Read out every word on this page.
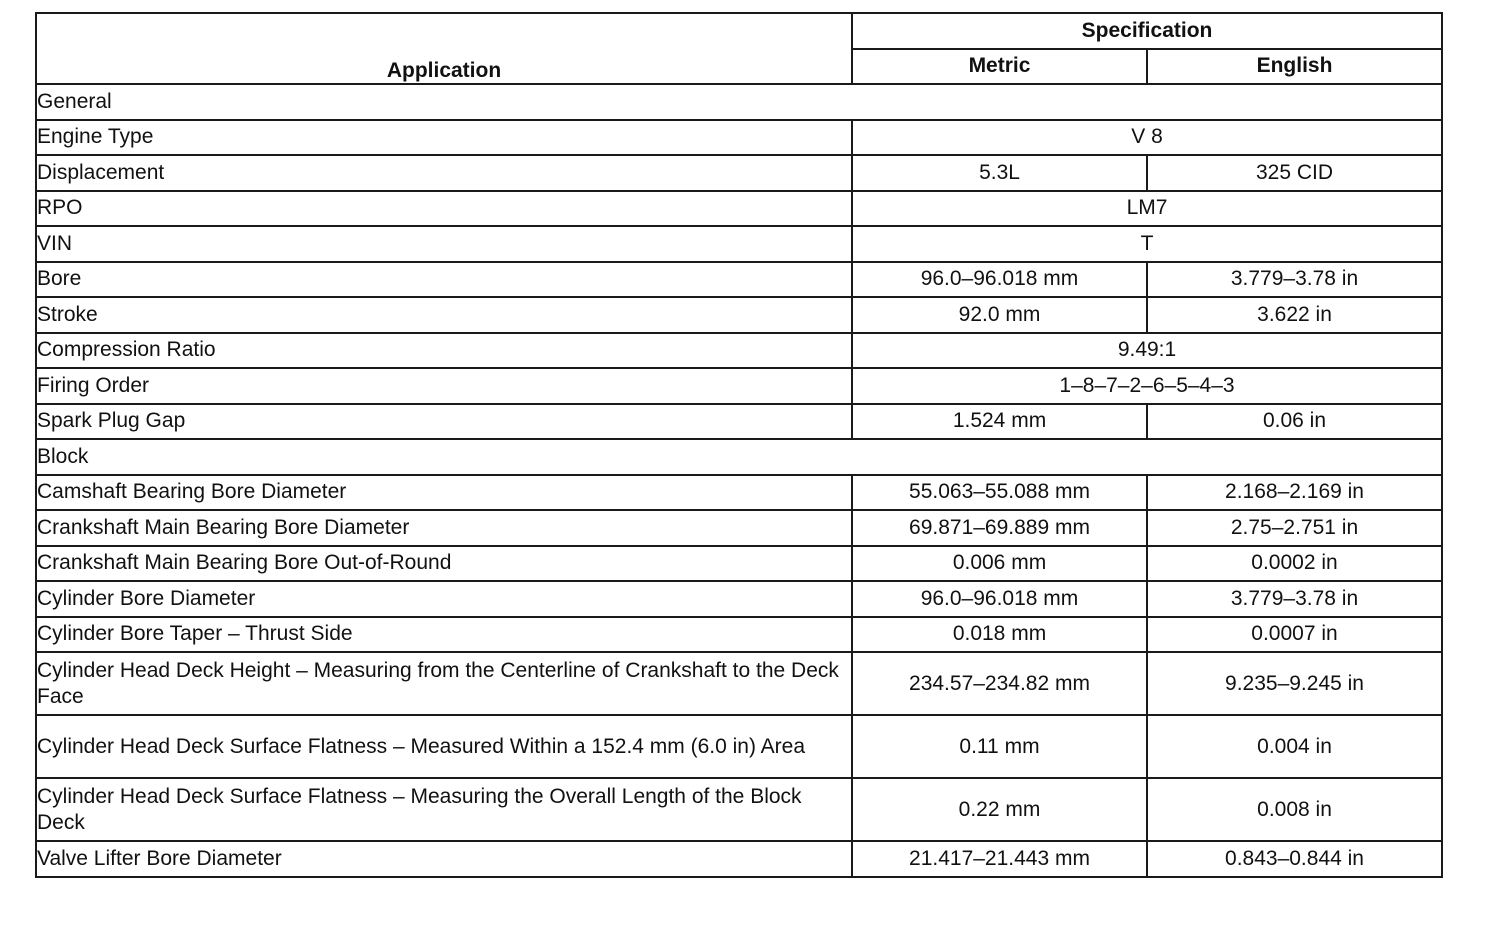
Application	Specification	
	Metric	English
General		
Engine Type	V 8	
Displacement	5.3L	325 CID
RPO	LM7	
VIN	T	
Bore	96.0–96.018 mm	3.779–3.78 in
Stroke	92.0 mm	3.622 in
Compression Ratio	9.49:1	
Firing Order	1–8–7–2–6–5–4–3	
Spark Plug Gap	1.524 mm	0.06 in
Block		
Camshaft Bearing Bore Diameter	55.063–55.088 mm	2.168–2.169 in
Crankshaft Main Bearing Bore Diameter	69.871–69.889 mm	2.75–2.751 in
Crankshaft Main Bearing Bore Out-of-Round	0.006 mm	0.0002 in
Cylinder Bore Diameter	96.0–96.018 mm	3.779–3.78 in
Cylinder Bore Taper – Thrust Side	0.018 mm	0.0007 in
Cylinder Head Deck Height – Measuring from the Centerline of Crankshaft to the Deck Face	234.57–234.82 mm	9.235–9.245 in
Cylinder Head Deck Surface Flatness – Measured Within a 152.4 mm (6.0 in) Area	0.11 mm	0.004 in
Cylinder Head Deck Surface Flatness – Measuring the Overall Length of the Block Deck	0.22 mm	0.008 in
Valve Lifter Bore Diameter	21.417–21.443 mm	0.843–0.844 in
